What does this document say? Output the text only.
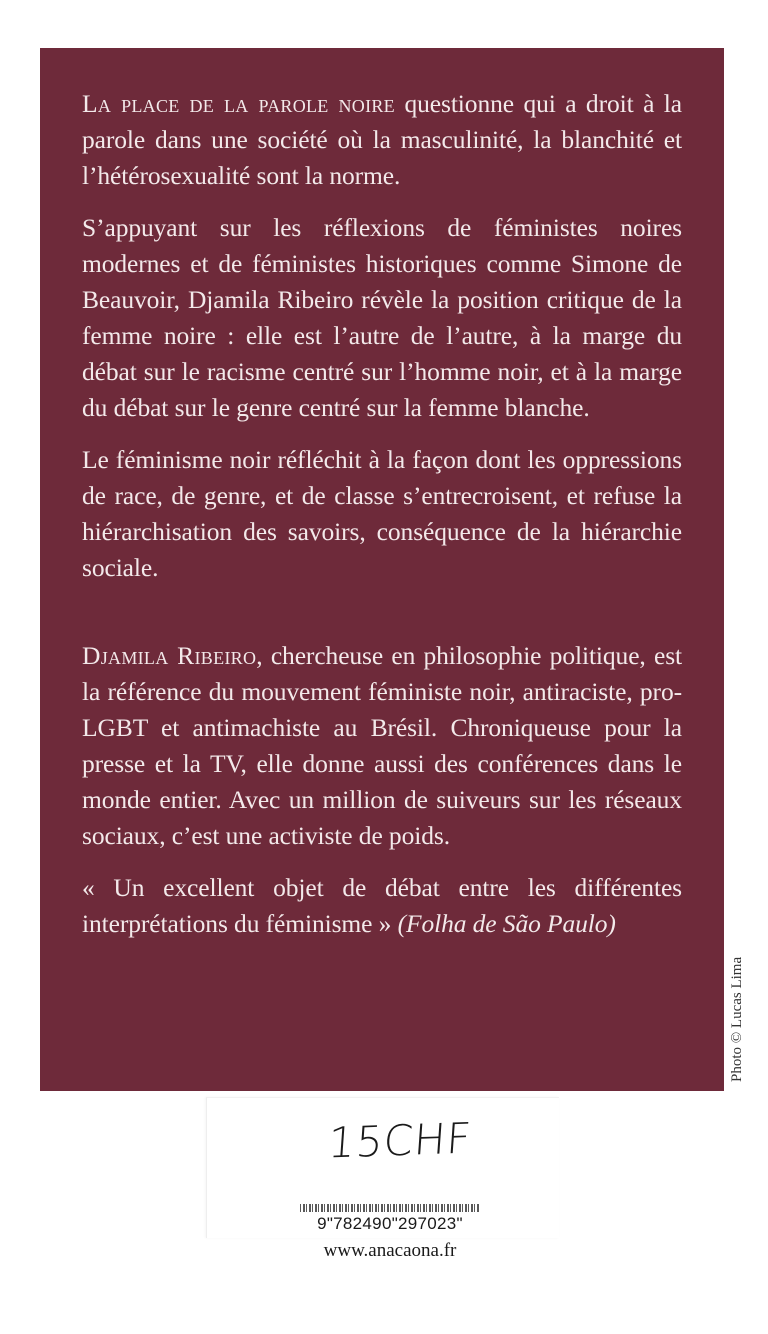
La place de la parole noire questionne qui a droit à la parole dans une société où la masculinité, la blanchité et l’hétérosexualité sont la norme.

S’appuyant sur les réflexions de féministes noires modernes et de féministes historiques comme Simone de Beauvoir, Djamila Ribeiro révèle la position critique de la femme noire : elle est l’autre de l’autre, à la marge du débat sur le racisme centré sur l’homme noir, et à la marge du débat sur le genre centré sur la femme blanche.

Le féminisme noir réfléchit à la façon dont les oppressions de race, de genre, et de classe s’entrecroisent, et refuse la hiérarchisation des savoirs, conséquence de la hiérarchie sociale.

Djamila Ribeiro, chercheuse en philosophie politique, est la référence du mouvement féministe noir, antiraciste, pro-LGBT et antimachiste au Brésil. Chroniqueuse pour la presse et la TV, elle donne aussi des conférences dans le monde entier. Avec un million de suiveurs sur les réseaux sociaux, c’est une activiste de poids.

« Un excellent objet de débat entre les différentes interprétations du féminisme » (Folha de São Paulo)

Photo © Lucas Lima
15CHF
9"782490"297023"
www.anacaona.fr
